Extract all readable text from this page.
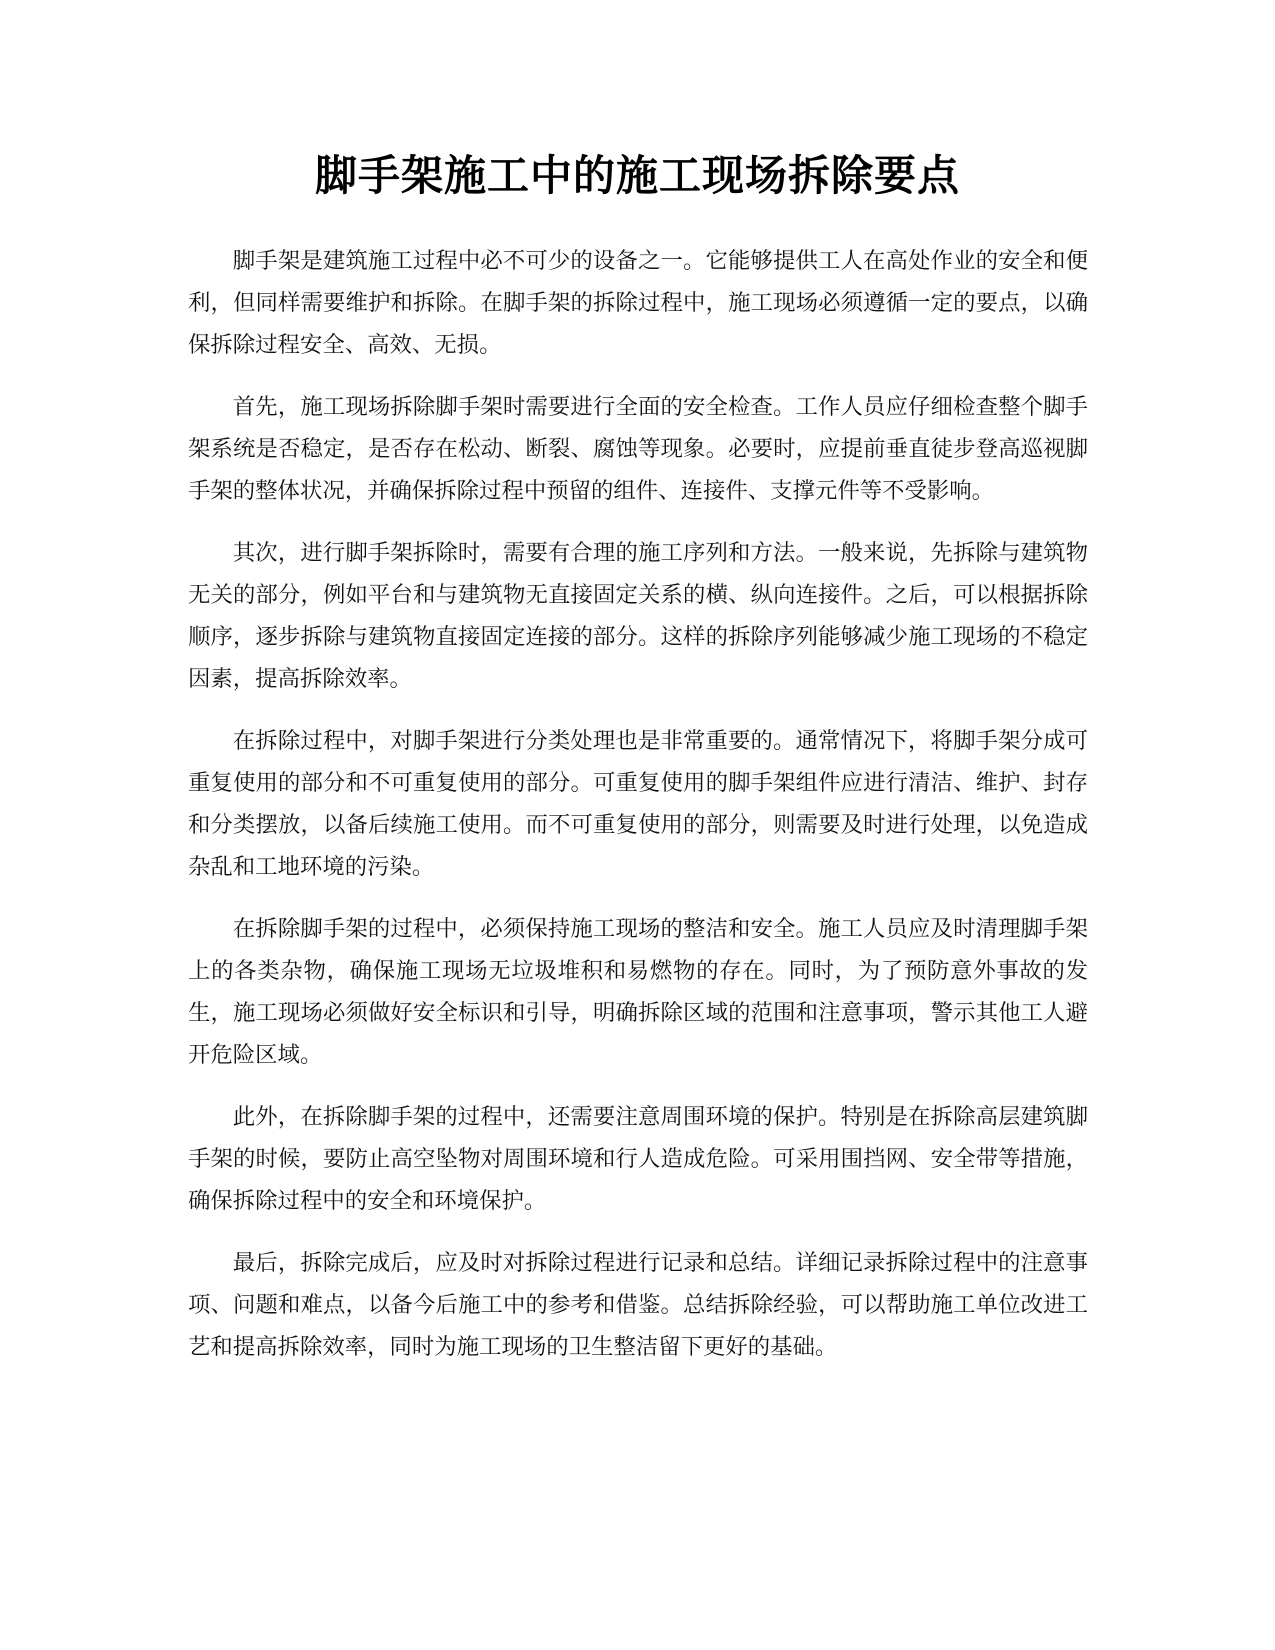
脚手架施工中的施工现场拆除要点

脚手架是建筑施工过程中必不可少的设备之一。它能够提供工人在高处作业的安全和便利，但同样需要维护和拆除。在脚手架的拆除过程中，施工现场必须遵循一定的要点，以确保拆除过程安全、高效、无损。

首先，施工现场拆除脚手架时需要进行全面的安全检查。工作人员应仔细检查整个脚手架系统是否稳定，是否存在松动、断裂、腐蚀等现象。必要时，应提前垂直徒步登高巡视脚手架的整体状况，并确保拆除过程中预留的组件、连接件、支撑元件等不受影响。

其次，进行脚手架拆除时，需要有合理的施工序列和方法。一般来说，先拆除与建筑物无关的部分，例如平台和与建筑物无直接固定关系的横、纵向连接件。之后，可以根据拆除顺序，逐步拆除与建筑物直接固定连接的部分。这样的拆除序列能够减少施工现场的不稳定因素，提高拆除效率。

在拆除过程中，对脚手架进行分类处理也是非常重要的。通常情况下，将脚手架分成可重复使用的部分和不可重复使用的部分。可重复使用的脚手架组件应进行清洁、维护、封存和分类摆放，以备后续施工使用。而不可重复使用的部分，则需要及时进行处理，以免造成杂乱和工地环境的污染。

在拆除脚手架的过程中，必须保持施工现场的整洁和安全。施工人员应及时清理脚手架上的各类杂物，确保施工现场无垃圾堆积和易燃物的存在。同时，为了预防意外事故的发生，施工现场必须做好安全标识和引导，明确拆除区域的范围和注意事项，警示其他工人避开危险区域。

此外，在拆除脚手架的过程中，还需要注意周围环境的保护。特别是在拆除高层建筑脚手架的时候，要防止高空坠物对周围环境和行人造成危险。可采用围挡网、安全带等措施，确保拆除过程中的安全和环境保护。

最后，拆除完成后，应及时对拆除过程进行记录和总结。详细记录拆除过程中的注意事项、问题和难点，以备今后施工中的参考和借鉴。总结拆除经验，可以帮助施工单位改进工艺和提高拆除效率，同时为施工现场的卫生整洁留下更好的基础。
